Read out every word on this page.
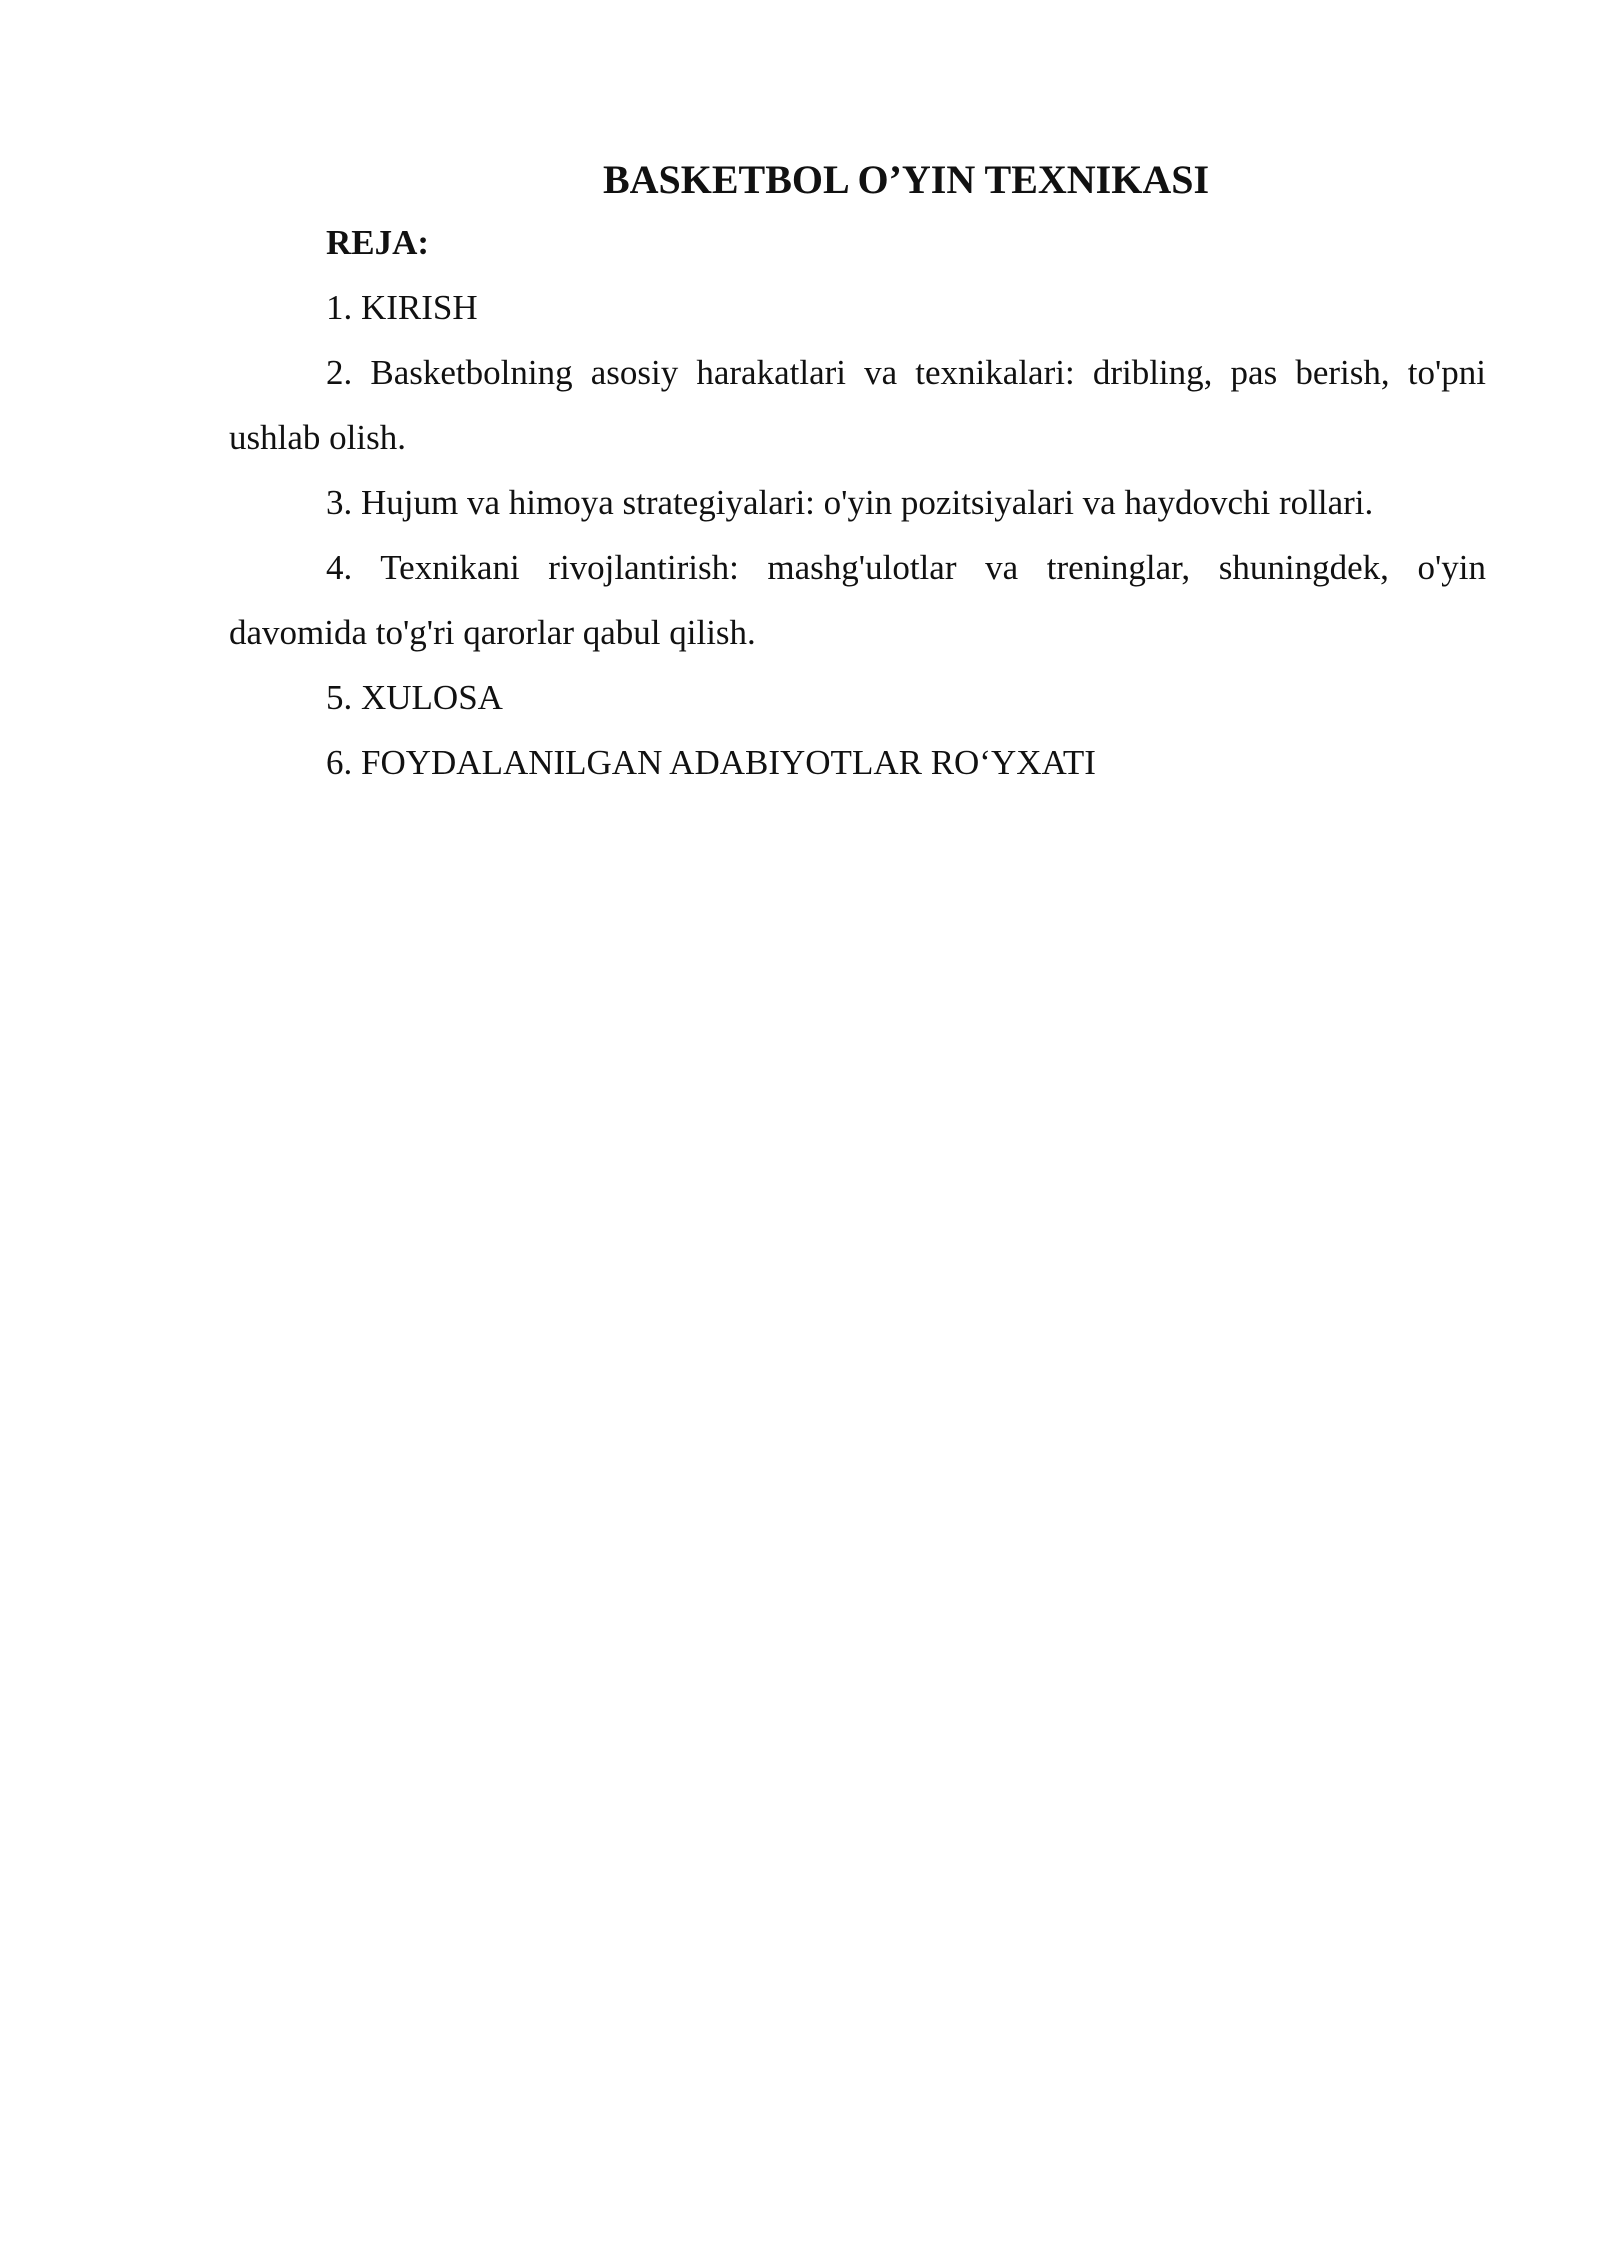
BASKETBOL O’YIN TEXNIKASI

REJA:

1. KIRISH

2. Basketbolning asosiy harakatlari va texnikalari: dribling, pas berish, to'pni ushlab olish.

3. Hujum va himoya strategiyalari: o'yin pozitsiyalari va haydovchi rollari.

4. Texnikani rivojlantirish: mashg'ulotlar va treninglar, shuningdek, o'yin davomida to'g'ri qarorlar qabul qilish.

5. XULOSA

6. FOYDALANILGAN ADABIYOTLAR RO‘YXATI
